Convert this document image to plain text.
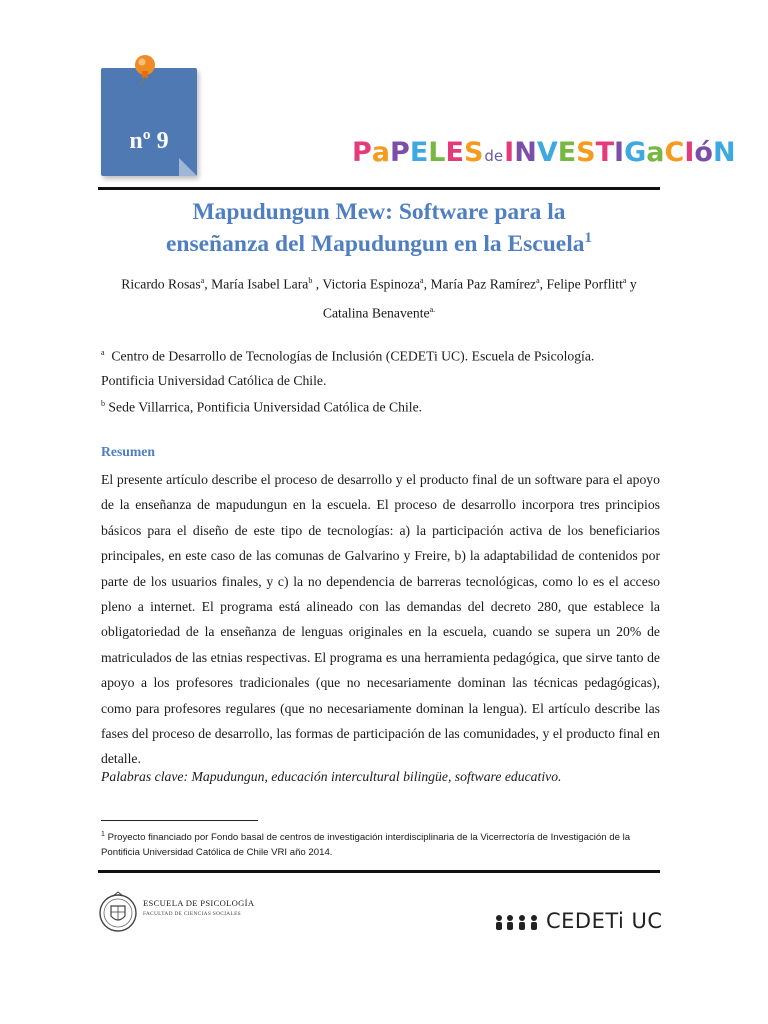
nº 9	PaPELESdeINVESTIGaCIóN
Mapudungun Mew: Software para la
enseñanza del Mapudungun en la Escuela$^1$
Ricardo Rosas$^a$, María Isabel Lara$^b$ , Victoria Espinoza$^a$, María Paz Ramírez$^a$, Felipe Porflitt$^a$ y Catalina Benavente$^{a.}$
$^a$ Centro de Desarrollo de Tecnologías de Inclusión (CEDETi UC). Escuela de Psicología.
Pontificia Universidad Católica de Chile.
$^b$ Sede Villarrica, Pontificia Universidad Católica de Chile.
Resumen
El presente artículo describe el proceso de desarrollo y el producto final de un software para el apoyo de la enseñanza de mapudungun en la escuela. El proceso de desarrollo incorpora tres principios básicos para el diseño de este tipo de tecnologías: a) la participación activa de los beneficiarios principales, en este caso de las comunas de Galvarino y Freire, b) la adaptabilidad de contenidos por parte de los usuarios finales, y c) la no dependencia de barreras tecnológicas, como lo es el acceso pleno a internet. El programa está alineado con las demandas del decreto 280, que establece la obligatoriedad de la enseñanza de lenguas originales en la escuela, cuando se supera un 20% de matriculados de las etnias respectivas. El programa es una herramienta pedagógica, que sirve tanto de apoyo a los profesores tradicionales (que no necesariamente dominan las técnicas pedagógicas), como para profesores regulares (que no necesariamente dominan la lengua). El artículo describe las fases del proceso de desarrollo, las formas de participación de las comunidades, y el producto final en detalle.
Palabras clave: Mapudungun, educación intercultural bilingüe, software educativo.
$^1$ Proyecto financiado por Fondo basal de centros de investigación interdisciplinaria de la Vicerrectoría de Investigación de la Pontificia Universidad Católica de Chile VRI año 2014.
ESCUELA DE PSICOLOGÍA
FACULTAD DE CIENCIAS SOCIALES	CEDETi UC
